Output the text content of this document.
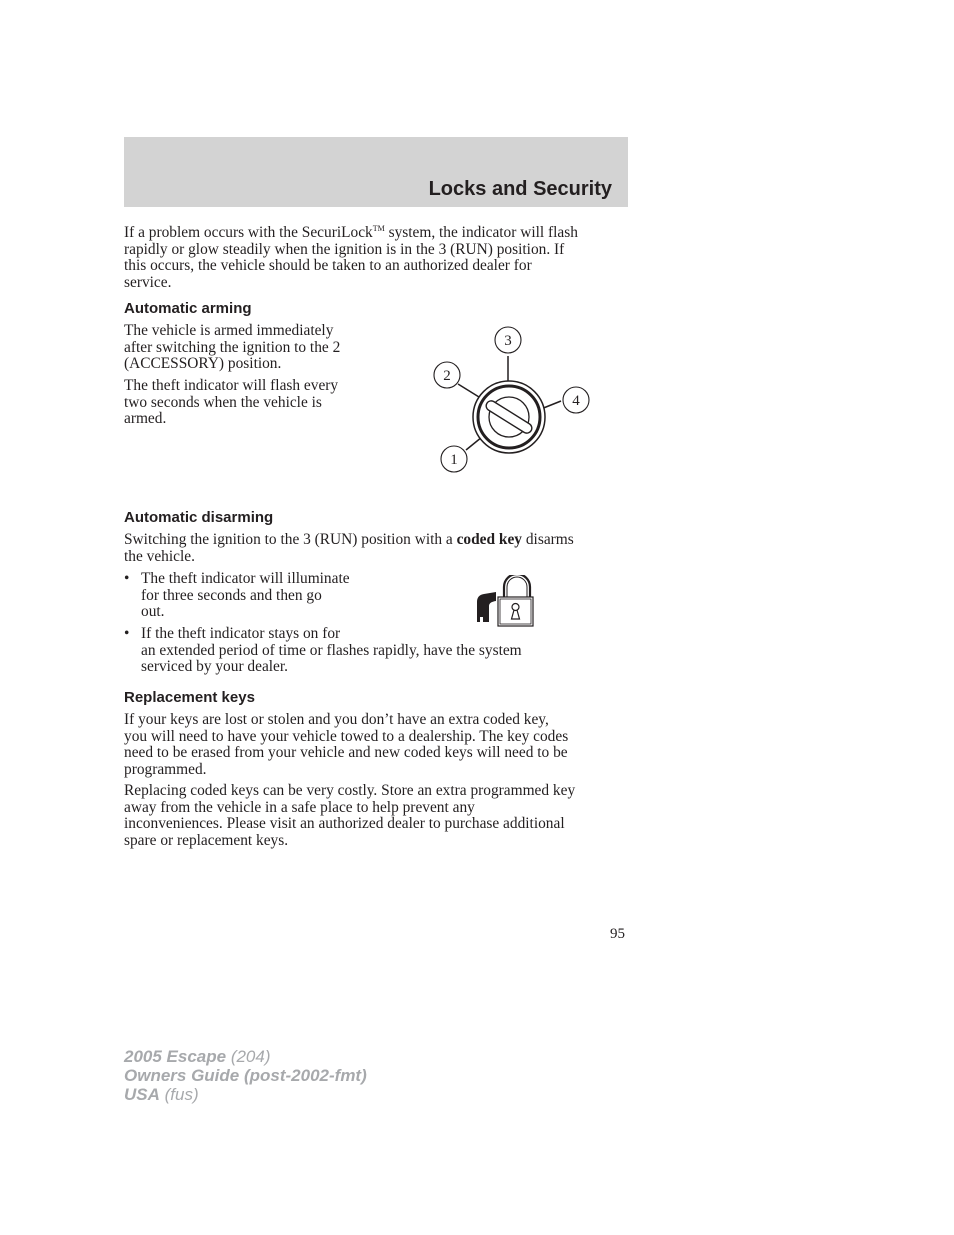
Locks and Security
If a problem occurs with the SecuriLock™ system, the indicator will flash
rapidly or glow steadily when the ignition is in the 3 (RUN) position. If
this occurs, the vehicle should be taken to an authorized dealer for
service.
Automatic arming
The vehicle is armed immediately
after switching the ignition to the 2
(ACCESSORY) position.
The theft indicator will flash every
two seconds when the vehicle is
armed.
3
2
4
1
Automatic disarming
Switching the ignition to the 3 (RUN) position with a coded key disarms
the vehicle.
• The theft indicator will illuminate
for three seconds and then go
out.
• If the theft indicator stays on for
an extended period of time or flashes rapidly, have the system
serviced by your dealer.
Replacement keys
If your keys are lost or stolen and you don’t have an extra coded key,
you will need to have your vehicle towed to a dealership. The key codes
need to be erased from your vehicle and new coded keys will need to be
programmed.
Replacing coded keys can be very costly. Store an extra programmed key
away from the vehicle in a safe place to help prevent any
inconveniences. Please visit an authorized dealer to purchase additional
spare or replacement keys.
95
2005 Escape (204)
Owners Guide (post-2002-fmt)
USA (fus)
